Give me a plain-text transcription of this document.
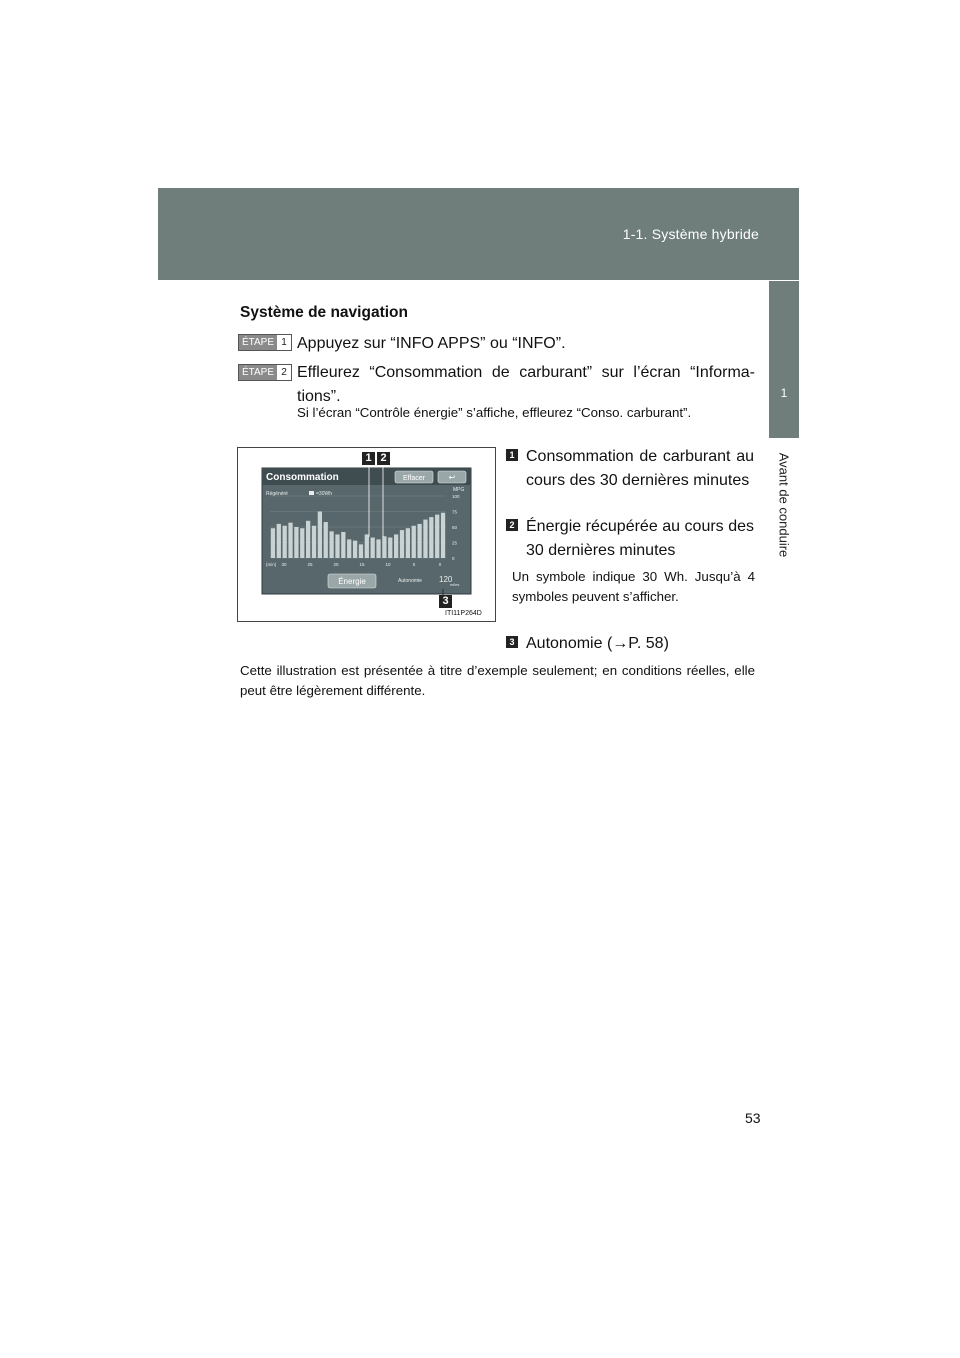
1-1. Système hybride
1
Avant de conduire
Système de navigation
ÉTAPE 1 Appuyez sur “INFO APPS” ou “INFO”.
ÉTAPE 2 Effleurez “Consommation de carburant” sur l’écran “Informa-tions”.
Si l’écran “Contrôle énergie” s’affiche, effleurez “Conso. carburant”.
Consommation	Effacer	↩
Régénéré	=30Wh
MPG
100
75
50
25
0
30	25	20	15	10	5	0
(min)
Énergie	Autonomie 120
miles
1 2
3
ITI11P264D
1 Consommation de carburant au cours des 30 dernières minutes
2 Énergie récupérée au cours des 30 dernières minutes
Un symbole indique 30 Wh. Jusqu’à 4 symboles peuvent s’afficher.
3 Autonomie (→P. 58)
Cette illustration est présentée à titre d’exemple seulement; en conditions réelles, elle peut être légèrement différente.
53
